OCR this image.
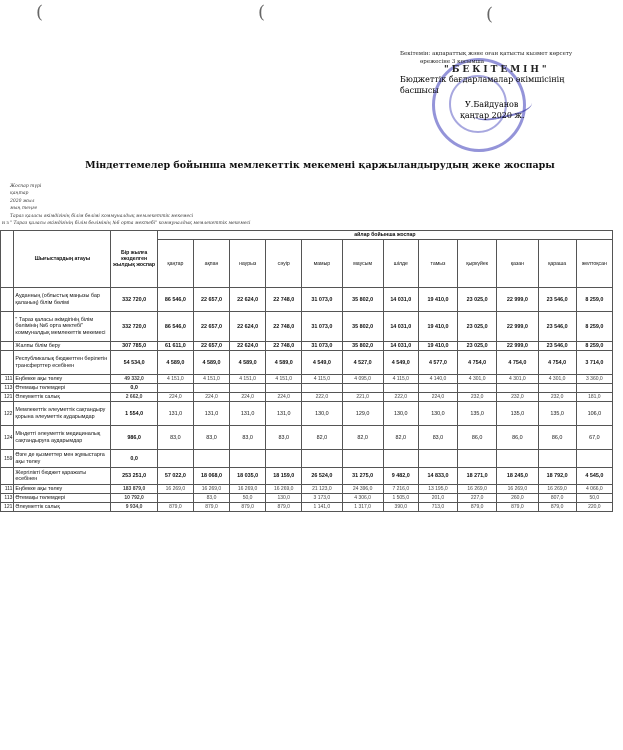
(	(	(
Бекітемін: ақпараттық және оған қатысты кызмет көрсету
өрежесіне 3 косымша
"БЕКІТЕМІН"
Бюджеттік бағдарламалар әкімшісінің
басшысы
У.Байдуанов
қаңтар 2020 ж.
Міндеттемелер бойынша мемлекеттік мекемені қаржыландырудың жеке жоспары
н з
Жоспар түрі
қаңтар
2020 жыл
мың теңге
Тараз қаласы әкімдігінің білім бөлімі коммуналдық мемлекеттік мекемесі
" Тараз қаласы әкімдігінің білім бөлімінің №6 орта мектебі" коммуналдық мемлекеттік мекемесі
	Шығыстардың атауы	Бір жылға көзделген жылдық жоспар	айлар бойынша жоспар											
			қаңтар	ақпан	наурыз	сәуір	мамыр	маусым	шілде	тамыз	қыркүйек	қазан	қараша	желтоқсан
	Ауданның (облыстық маңызы бар қаланың) білім бөлімі	332 720,0	86 546,0	22 657,0	22 624,0	22 748,0	31 073,0	35 802,0	14 031,0	19 410,0	23 025,0	22 999,0	23 546,0	8 259,0
	" Тараз қаласы әкімдігінің білім бөлімінің №6 орта мектебі" коммуналдық мемлекеттік мекемесі	332 720,0	86 546,0	22 657,0	22 624,0	22 748,0	31 073,0	35 802,0	14 031,0	19 410,0	23 025,0	22 999,0	23 546,0	8 259,0
	Жалпы білім беру	307 785,0	61 611,0	22 657,0	22 624,0	22 748,0	31 073,0	35 802,0	14 031,0	19 410,0	23 025,0	22 999,0	23 546,0	8 259,0
	Республикалық бюджеттен берілетін трансферттер есебінен	54 534,0	4 589,0	4 589,0	4 589,0	4 589,0	4 549,0	4 527,0	4 549,0	4 577,0	4 754,0	4 754,0	4 754,0	3 714,0
111	Еңбекке ақы төлеу	49 332,0	4 151,0	4 151,0	4 151,0	4 151,0	4 115,0	4 095,0	4 115,0	4 140,0	4 301,0	4 301,0	4 301,0	3 360,0
113	Өтемақы төлемдері	0,0												
121	Әлеуметтік салық	2 662,0	224,0	224,0	224,0	224,0	222,0	221,0	222,0	224,0	232,0	232,0	232,0	181,0
122	Мемлекеттік әлеуметтік сақтандыру қорына әлеуметтік аударымдар	1 554,0	131,0	131,0	131,0	131,0	130,0	129,0	130,0	130,0	135,0	135,0	135,0	106,0
124	Міндетті әлеуметтік медициналық сақтандыруға аударымдар	986,0	83,0	83,0	83,0	83,0	82,0	82,0	82,0	83,0	86,0	86,0	86,0	67,0
159	Өзге де қызметтер мен жұмыстарға ақы төлеу	0,0												
	Жергілікті бюджет қаражаты есебінен	253 251,0	57 022,0	18 068,0	18 035,0	18 159,0	26 524,0	31 275,0	9 482,0	14 833,0	18 271,0	18 245,0	18 792,0	4 545,0
111	Еңбекке ақы төлеу	183 879,0	16 269,0	16 269,0	16 269,0	16 269,0	21 123,0	24 396,0	7 216,0	13 195,0	16 269,0	16 269,0	16 269,0	4 066,0
113	Өтемақы төлемдері	10 792,0		83,0	50,0	130,0	3 173,0	4 306,0	1 505,0	201,0	227,0	260,0	807,0	50,0
121	Әлеуметтік салық	9 934,0	879,0	879,0	879,0	879,0	1 141,0	1 317,0	390,0	713,0	879,0	879,0	879,0	220,0
